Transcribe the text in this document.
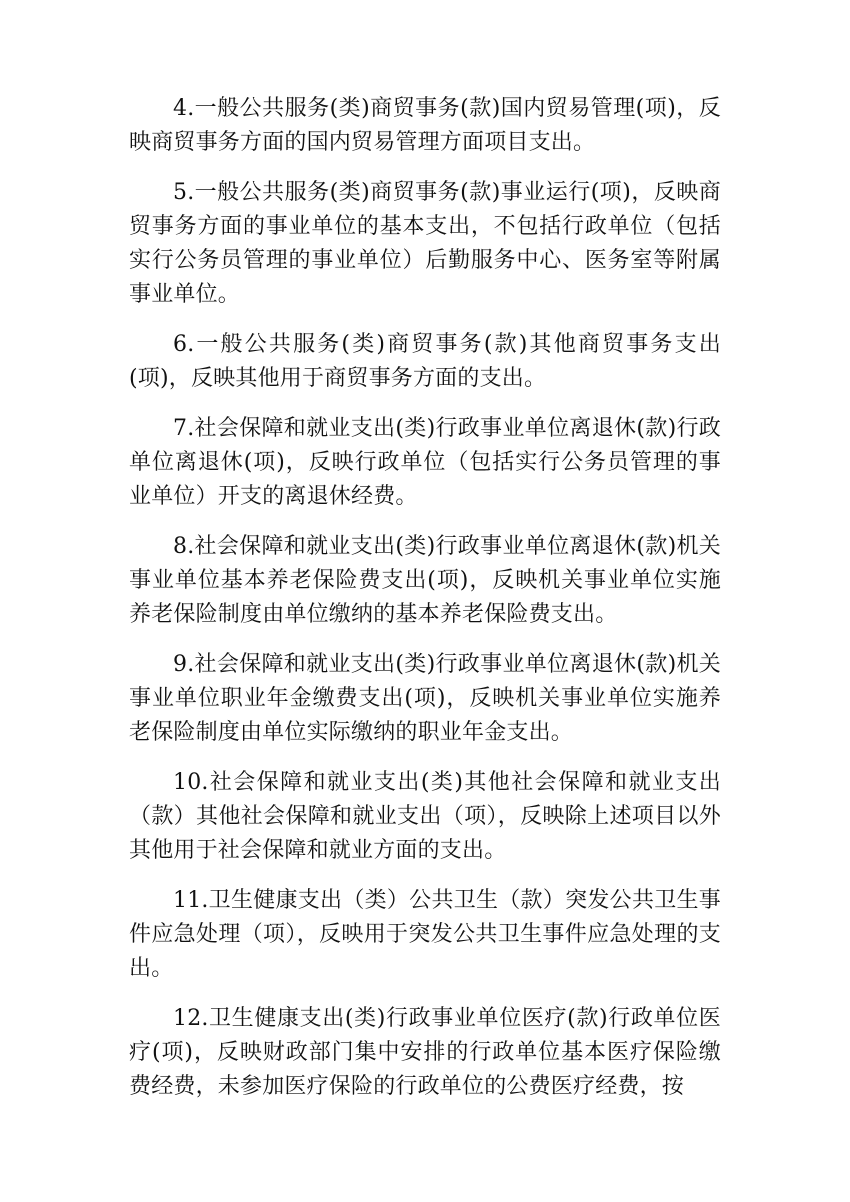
4.一般公共服务(类)商贸事务(款)国内贸易管理(项)，反映商贸事务方面的国内贸易管理方面项目支出。

5.一般公共服务(类)商贸事务(款)事业运行(项)，反映商贸事务方面的事业单位的基本支出，不包括行政单位（包括实行公务员管理的事业单位）后勤服务中心、医务室等附属事业单位。

6.一般公共服务(类)商贸事务(款)其他商贸事务支出(项)，反映其他用于商贸事务方面的支出。

7.社会保障和就业支出(类)行政事业单位离退休(款)行政单位离退休(项)，反映行政单位（包括实行公务员管理的事业单位）开支的离退休经费。

8.社会保障和就业支出(类)行政事业单位离退休(款)机关事业单位基本养老保险费支出(项)，反映机关事业单位实施养老保险制度由单位缴纳的基本养老保险费支出。

9.社会保障和就业支出(类)行政事业单位离退休(款)机关事业单位职业年金缴费支出(项)，反映机关事业单位实施养老保险制度由单位实际缴纳的职业年金支出。

10.社会保障和就业支出(类)其他社会保障和就业支出（款）其他社会保障和就业支出（项），反映除上述项目以外其他用于社会保障和就业方面的支出。

11.卫生健康支出（类）公共卫生（款）突发公共卫生事件应急处理（项），反映用于突发公共卫生事件应急处理的支出。

12.卫生健康支出(类)行政事业单位医疗(款)行政单位医疗(项)，反映财政部门集中安排的行政单位基本医疗保险缴费经费，未参加医疗保险的行政单位的公费医疗经费，按
